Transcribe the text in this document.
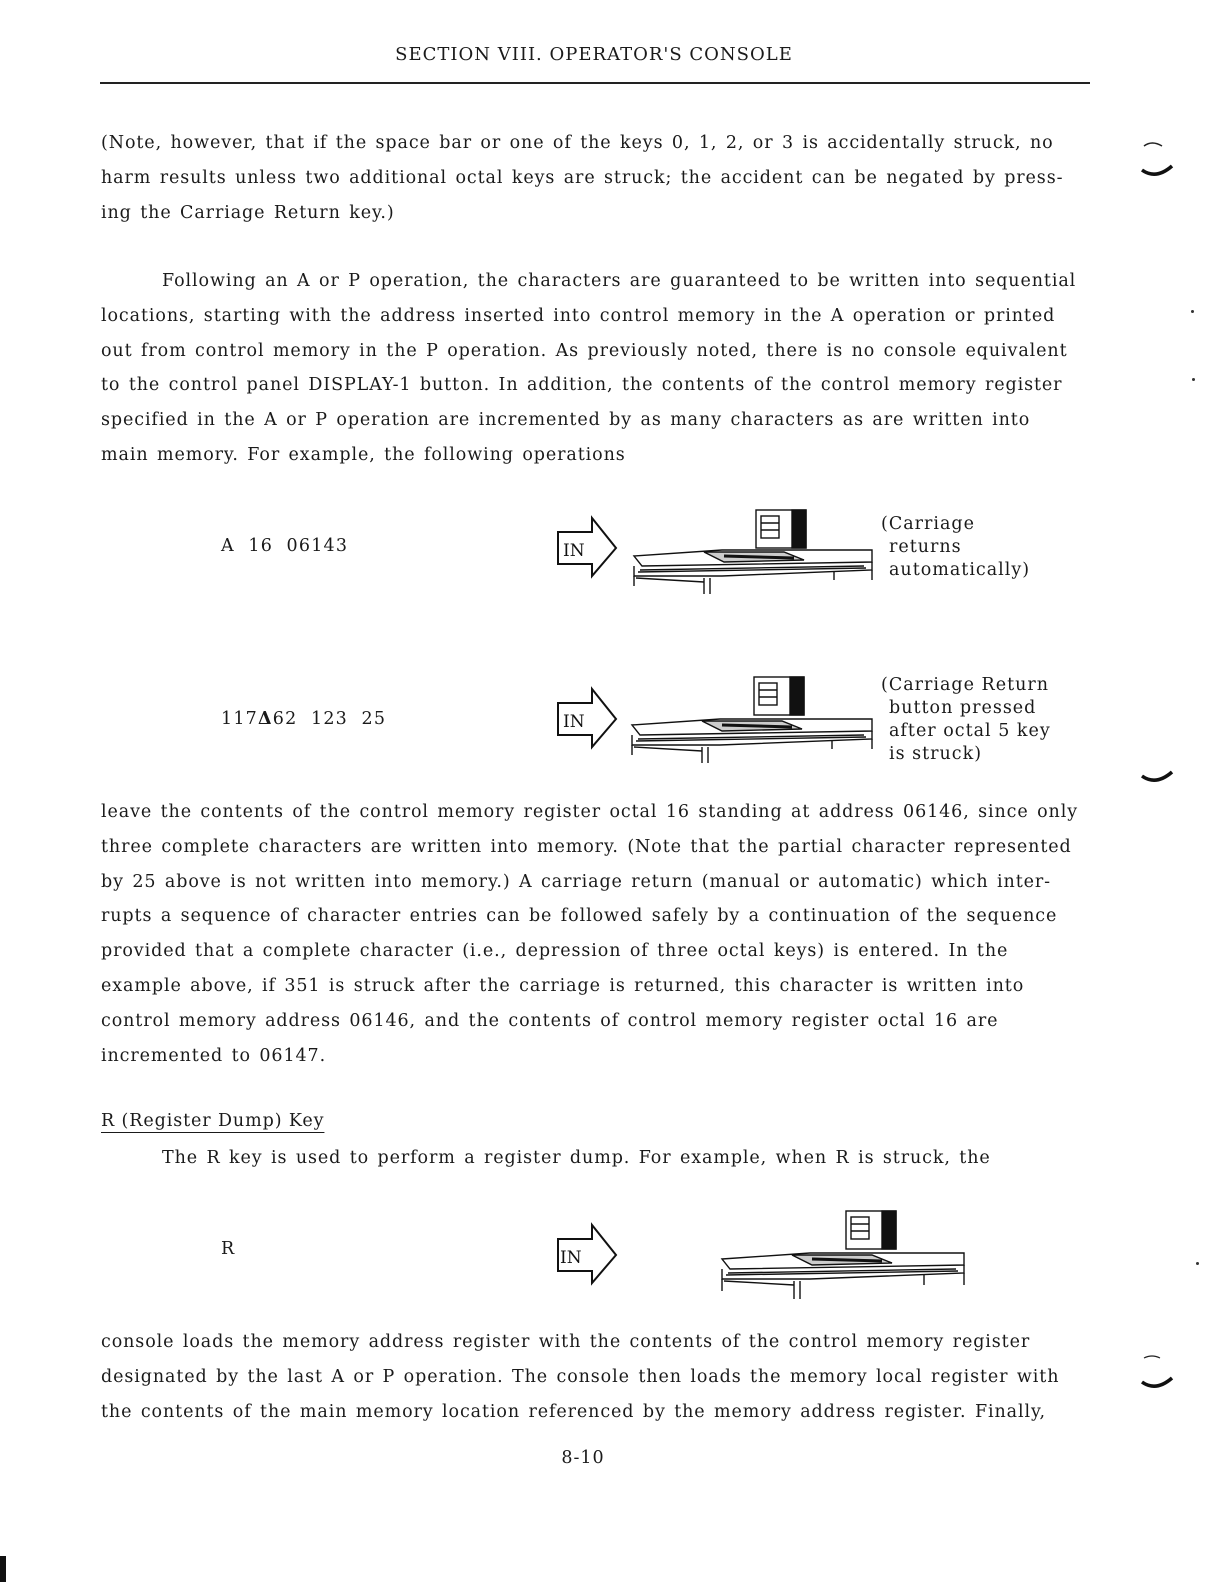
SECTION VIII. OPERATOR'S CONSOLE
(Note, however, that if the space bar or one of the keys 0, 1, 2, or 3 is accidentally struck, no
harm results unless two additional octal keys are struck; the accident can be negated by press-
ing the Carriage Return key.)
Following an A or P operation, the characters are guaranteed to be written into sequential
locations, starting with the address inserted into control memory in the A operation or printed
out from control memory in the P operation. As previously noted, there is no console equivalent
to the control panel DISPLAY-1 button. In addition, the contents of the control memory register
specified in the A or P operation are incremented by as many characters as are written into
main memory. For example, the following operations
A  16  06143	IN
(Carriage
returns
automatically)
117Δ62  123  25	IN
(Carriage Return
button pressed
after octal 5 key
is struck)
leave the contents of the control memory register octal 16 standing at address 06146, since only
three complete characters are written into memory. (Note that the partial character represented
by 25 above is not written into memory.) A carriage return (manual or automatic) which inter-
rupts a sequence of character entries can be followed safely by a continuation of the sequence
provided that a complete character (i.e., depression of three octal keys) is entered. In the
example above, if 351 is struck after the carriage is returned, this character is written into
control memory address 06146, and the contents of control memory register octal 16 are
incremented to 06147.
R (Register Dump) Key
The R key is used to perform a register dump. For example, when R is struck, the
R	IN
console loads the memory address register with the contents of the control memory register
designated by the last A or P operation. The console then loads the memory local register with
the contents of the main memory location referenced by the memory address register. Finally,
8-10
